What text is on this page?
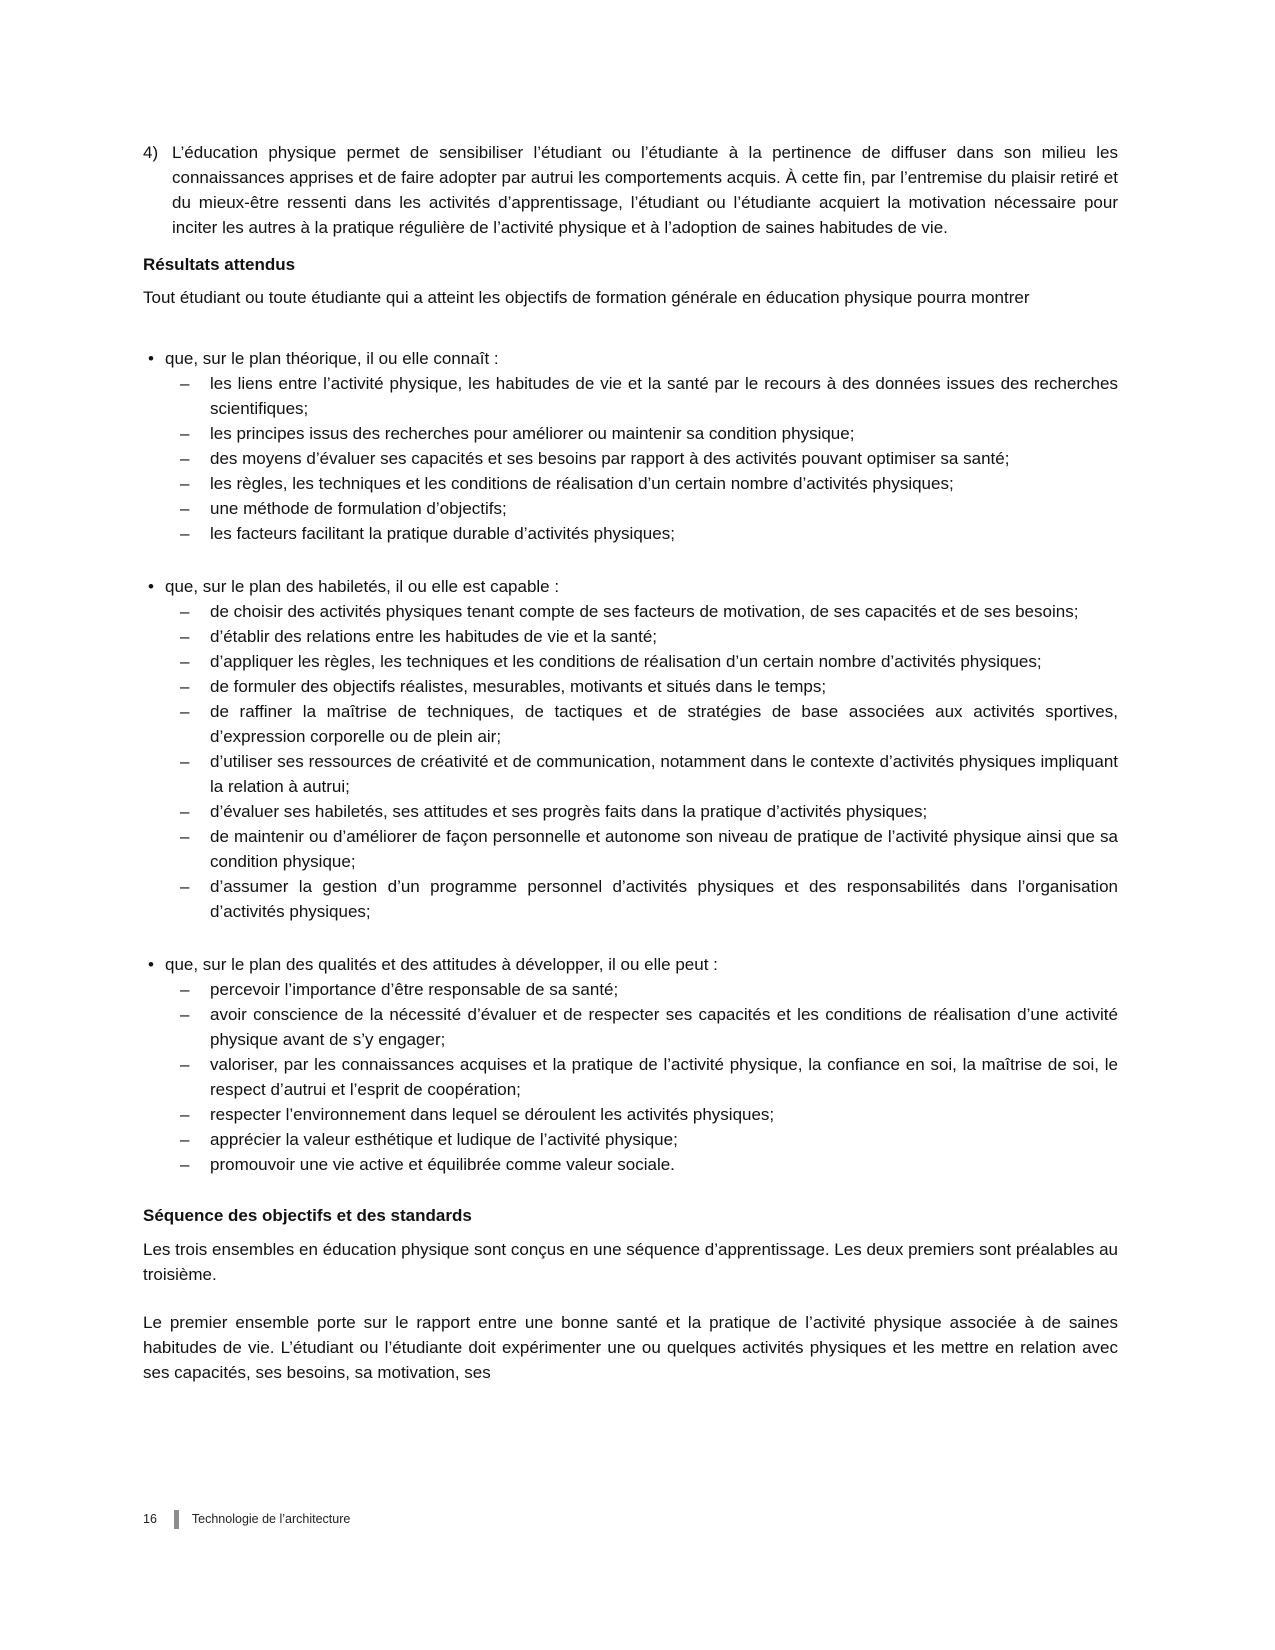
4) L’éducation physique permet de sensibiliser l’étudiant ou l’étudiante à la pertinence de diffuser dans son milieu les connaissances apprises et de faire adopter par autrui les comportements acquis. À cette fin, par l’entremise du plaisir retiré et du mieux-être ressenti dans les activités d’apprentissage, l’étudiant ou l’étudiante acquiert la motivation nécessaire pour inciter les autres à la pratique régulière de l’activité physique et à l’adoption de saines habitudes de vie.
Résultats attendus

Tout étudiant ou toute étudiante qui a atteint les objectifs de formation générale en éducation physique pourra montrer

• que, sur le plan théorique, il ou elle connaît :
–	les liens entre l’activité physique, les habitudes de vie et la santé par le recours à des données issues des recherches scientifiques;
–	les principes issus des recherches pour améliorer ou maintenir sa condition physique;
–	des moyens d’évaluer ses capacités et ses besoins par rapport à des activités pouvant optimiser sa santé;
–	les règles, les techniques et les conditions de réalisation d’un certain nombre d’activités physiques;
–	une méthode de formulation d’objectifs;
–	les facteurs facilitant la pratique durable d’activités physiques;
• que, sur le plan des habiletés, il ou elle est capable :
–	de choisir des activités physiques tenant compte de ses facteurs de motivation, de ses capacités et de ses besoins;
–	d’établir des relations entre les habitudes de vie et la santé;
–	d’appliquer les règles, les techniques et les conditions de réalisation d’un certain nombre d’activités physiques;
–	de formuler des objectifs réalistes, mesurables, motivants et situés dans le temps;
–	de raffiner la maîtrise de techniques, de tactiques et de stratégies de base associées aux activités sportives, d’expression corporelle ou de plein air;
–	d’utiliser ses ressources de créativité et de communication, notamment dans le contexte d’activités physiques impliquant la relation à autrui;
–	d’évaluer ses habiletés, ses attitudes et ses progrès faits dans la pratique d’activités physiques;
–	de maintenir ou d’améliorer de façon personnelle et autonome son niveau de pratique de l’activité physique ainsi que sa condition physique;
–	d’assumer la gestion d’un programme personnel d’activités physiques et des responsabilités dans l’organisation d’activités physiques;
• que, sur le plan des qualités et des attitudes à développer, il ou elle peut :
–	percevoir l’importance d’être responsable de sa santé;
–	avoir conscience de la nécessité d’évaluer et de respecter ses capacités et les conditions de réalisation d’une activité physique avant de s’y engager;
–	valoriser, par les connaissances acquises et la pratique de l’activité physique, la confiance en soi, la maîtrise de soi, le respect d’autrui et l’esprit de coopération;
–	respecter l’environnement dans lequel se déroulent les activités physiques;
–	apprécier la valeur esthétique et ludique de l’activité physique;
–	promouvoir une vie active et équilibrée comme valeur sociale.
Séquence des objectifs et des standards

Les trois ensembles en éducation physique sont conçus en une séquence d’apprentissage. Les deux premiers sont préalables au troisième.

Le premier ensemble porte sur le rapport entre une bonne santé et la pratique de l’activité physique associée à de saines habitudes de vie. L’étudiant ou l’étudiante doit expérimenter une ou quelques activités physiques et les mettre en relation avec ses capacités, ses besoins, sa motivation, ses

16	Technologie de l’architecture
